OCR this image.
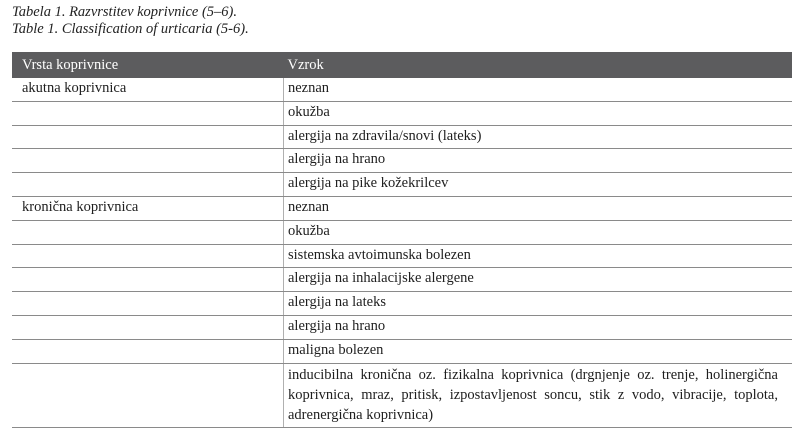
Tabela 1. Razvrstitev koprivnice (5–6).
Table 1. Classification of urticaria (5-6).
Vrsta koprivnice	Vzrok
akutna koprivnica	neznan
	okužba
	alergija na zdravila/snovi (lateks)
	alergija na hrano
	alergija na pike kožekrilcev
kronična koprivnica	neznan
	okužba
	sistemska avtoimunska bolezen
	alergija na inhalacijske alergene
	alergija na lateks
	alergija na hrano
	maligna bolezen
	inducibilna kronična oz. fizikalna koprivnica (drgnjenje oz. trenje, holinergična koprivnica, mraz, pritisk, izpostavljenost soncu, stik z vodo, vibracije, toplota, adrenergična koprivnica)
